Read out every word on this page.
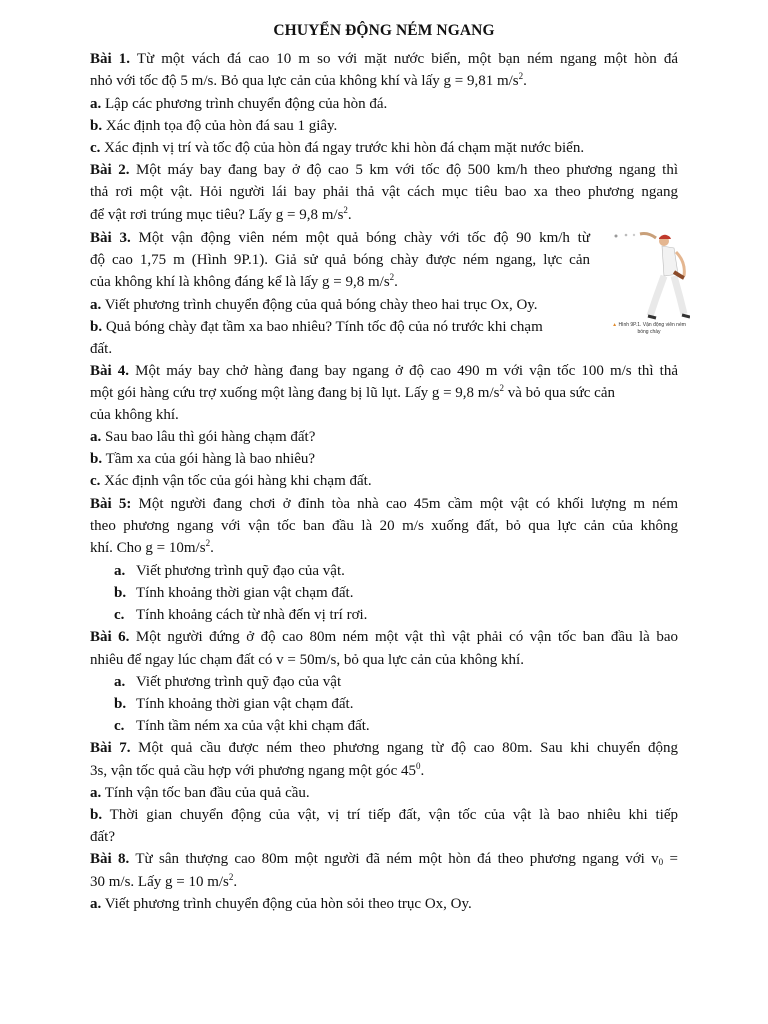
CHUYỂN ĐỘNG NÉM NGANG
Bài 1. Từ một vách đá cao 10 m so với mặt nước biển, một bạn ném ngang một hòn đá
nhỏ với tốc độ 5 m/s. Bỏ qua lực cản của không khí và lấy g = 9,81 $m/s^2$.
a. Lập các phương trình chuyển động của hòn đá.
b. Xác định tọa độ của hòn đá sau 1 giây.
c. Xác định vị trí và tốc độ của hòn đá ngay trước khi hòn đá chạm mặt nước biển.
Bài 2. Một máy bay đang bay ở độ cao 5 km với tốc độ 500 km/h theo phương ngang thì
thả rơi một vật. Hỏi người lái bay phải thả vật cách mục tiêu bao xa theo phương ngang
để vật rơi trúng mục tiêu? Lấy g = 9,8 $m/s^2$.
Bài 3. Một vận động viên ném một quả bóng chày với tốc độ 90 km/h từ
độ cao 1,75 m (Hình 9P.1). Giả sử quả bóng chày được ném ngang, lực cản
của không khí là không đáng kể là lấy g = 9,8 $m/s^2$.
a. Viết phương trình chuyển động của quả bóng chày theo hai trục Ox, Oy.
b. Quả bóng chày đạt tầm xa bao nhiêu? Tính tốc độ của nó trước khi chạm
đất.
▲ Hình 9P.1. Vận động viên ném
bóng chày
Bài 4. Một máy bay chở hàng đang bay ngang ở độ cao 490 m với vận tốc 100 m/s thì thả
một gói hàng cứu trợ xuống một làng đang bị lũ lụt. Lấy g = 9,8 $m/s^2$ và bỏ qua sức cản
của không khí.
a. Sau bao lâu thì gói hàng chạm đất?
b. Tầm xa của gói hàng là bao nhiêu?
c. Xác định vận tốc của gói hàng khi chạm đất.
Bài 5: Một người đang chơi ở đỉnh tòa nhà cao 45m cầm một vật có khối lượng m ném
theo phương ngang với vận tốc ban đầu là 20 m/s xuống đất, bỏ qua lực cản của không
khí. Cho $g = 10m/s^2$.
a. Viết phương trình quỹ đạo của vật.
b. Tính khoảng thời gian vật chạm đất.
c. Tính khoảng cách từ nhà đến vị trí rơi.
Bài 6. Một người đứng ở độ cao 80m ném một vật thì vật phải có vận tốc ban đầu là bao
nhiêu để ngay lúc chạm đất có v = 50m/s, bỏ qua lực cản của không khí.
a. Viết phương trình quỹ đạo của vật
b. Tính khoảng thời gian vật chạm đất.
c. Tính tầm ném xa của vật khi chạm đất.
Bài 7. Một quả cầu được ném theo phương ngang từ độ cao 80m. Sau khi chuyển động
3s, vận tốc quả cầu hợp với phương ngang một góc $45^0$.
a. Tính vận tốc ban đầu của quả cầu.
b. Thời gian chuyển động của vật, vị trí tiếp đất, vận tốc của vật là bao nhiêu khi tiếp
đất?
Bài 8. Từ sân thượng cao 80m một người đã ném một hòn đá theo phương ngang với $v_0$ =
30 m/s. Lấy g = 10 $m/s^2$.
a. Viết phương trình chuyển động của hòn sỏi theo trục Ox, Oy.
